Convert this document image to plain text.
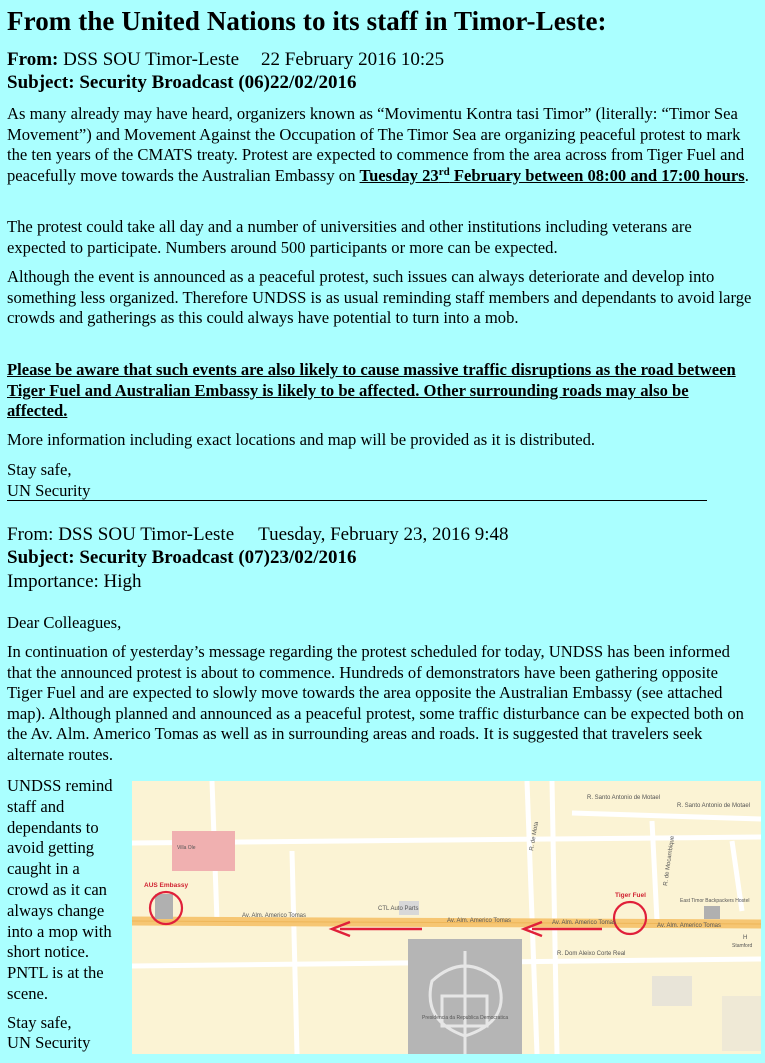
From the United Nations to its staff in Timor-Leste:
From: DSS SOU Timor-Leste 22 February 2016 10:25
Subject: Security Broadcast (06)22/02/2016
As many already may have heard, organizers known as “Movimentu Kontra tasi Timor” (literally: “Timor Sea Movement”) and Movement Against the Occupation of The Timor Sea are organizing peaceful protest to mark the ten years of the CMATS treaty. Protest are expected to commence from the area across from Tiger Fuel and peacefully move towards the Australian Embassy on Tuesday 23rd February between 08:00 and 17:00 hours.
The protest could take all day and a number of universities and other institutions including veterans are expected to participate. Numbers around 500 participants or more can be expected.
Although the event is announced as a peaceful protest, such issues can always deteriorate and develop into something less organized. Therefore UNDSS is as usual reminding staff members and dependants to avoid large crowds and gatherings as this could always have potential to turn into a mob.
Please be aware that such events are also likely to cause massive traffic disruptions as the road between Tiger Fuel and Australian Embassy is likely to be affected. Other surrounding roads may also be affected.
More information including exact locations and map will be provided as it is distributed.
Stay safe,
UN Security
From: DSS SOU Timor-Leste Tuesday, February 23, 2016 9:48
Subject: Security Broadcast (07)23/02/2016
Importance: High
Dear Colleagues,
In continuation of yesterday’s message regarding the protest scheduled for today, UNDSS has been informed that the announced protest is about to commence. Hundreds of demonstrators have been gathering opposite Tiger Fuel and are expected to slowly move towards the area opposite the Australian Embassy (see attached map). Although planned and announced as a peaceful protest, some traffic disturbance can be expected both on the Av. Alm. Americo Tomas as well as in surrounding areas and roads. It is suggested that travelers seek alternate routes.
UNDSS remind staff and dependants to avoid getting caught in a crowd as it can always change into a mop with short notice. PNTL is at the scene.
Stay safe,
UN Security
Av. Alm. Americo Tomas
Av. Alm. Americo Tomas	Av. Alm. Americo Tomas	Av. Alm. Americo Tomas
R. Santo Antonio de Motael
R. Santo Antonio de Motael
R. de Mota	R. de Mocambique
R. Dom Aleixo Corte Real
AUS Embassy
CTL Auto Parts
Tiger Fuel
East Timor Backpackers Hostel
Villa Ole
Presidencia da Republica Democratica
H
Stamford
